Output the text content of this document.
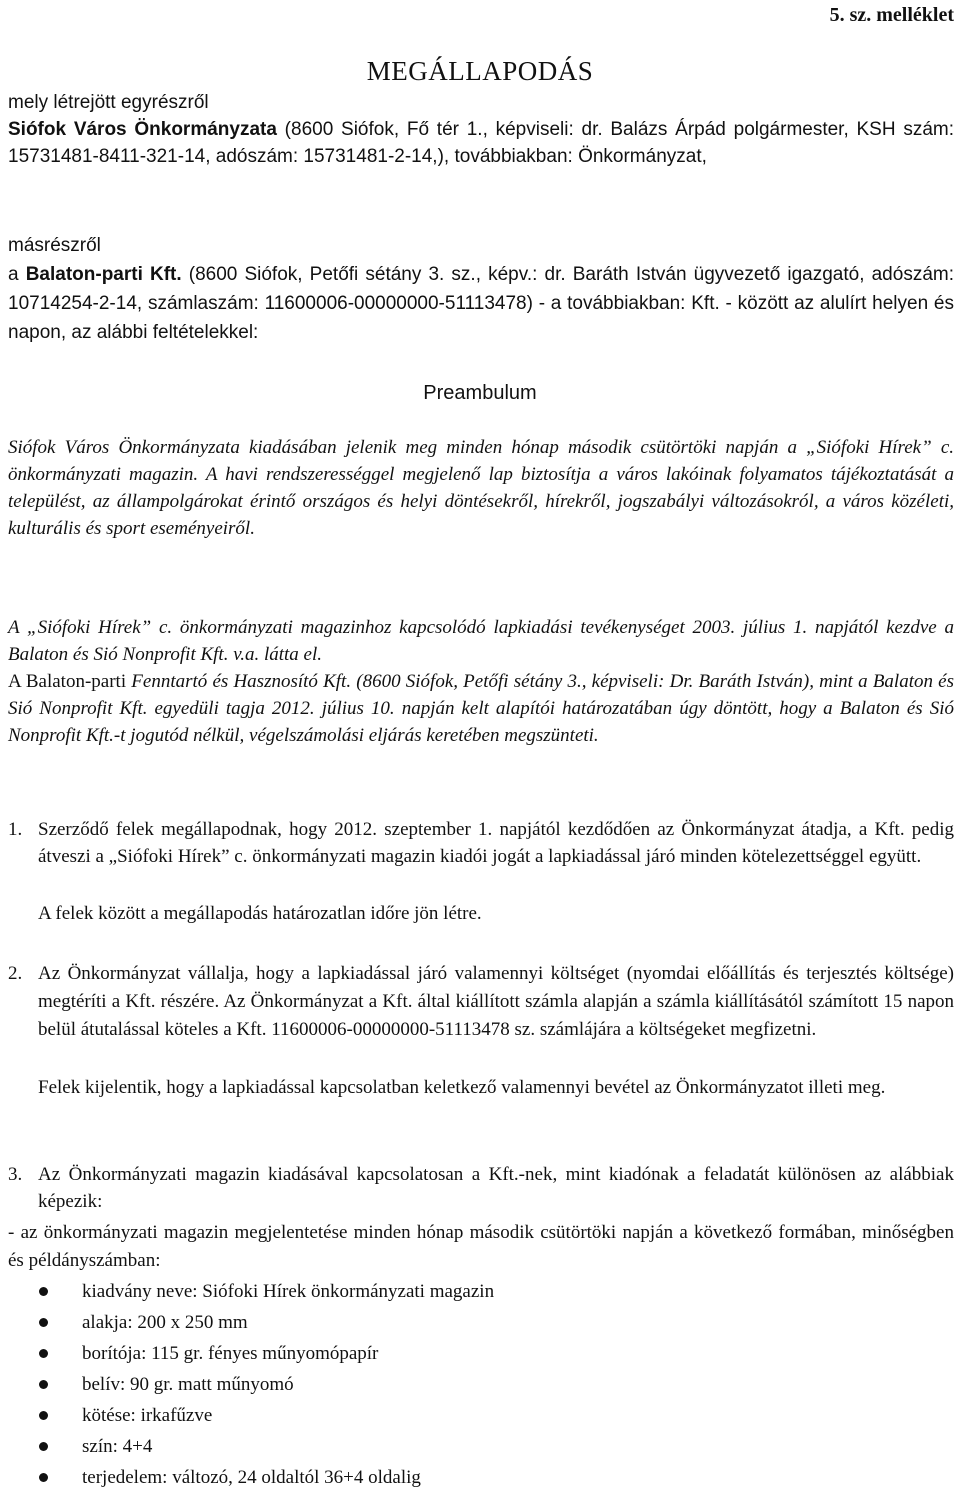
5. sz. melléklet
MEGÁLLAPODÁS
mely létrejött egyrészről
Siófok Város Önkormányzata (8600 Siófok, Fő tér 1., képviseli: dr. Balázs Árpád polgármester, KSH szám: 15731481-8411-321-14, adószám: 15731481-2-14,), továbbiakban: Önkormányzat,
másrészről
a Balaton-parti Kft. (8600 Siófok, Petőfi sétány 3. sz., képv.: dr. Baráth István ügyvezető igazgató, adószám: 10714254-2-14, számlaszám: 11600006-00000000-51113478) - a továbbiakban: Kft. - között az alulírt helyen és napon, az alábbi feltételekkel:
Preambulum
Siófok Város Önkormányzata kiadásában jelenik meg minden hónap második csütörtöki napján a „Siófoki Hírek” c. önkormányzati magazin. A havi rendszerességgel megjelenő lap biztosítja a város lakóinak folyamatos tájékoztatását a települést, az állampolgárokat érintő országos és helyi döntésekről, hírekről, jogszabályi változásokról, a város közéleti, kulturális és sport eseményeiről.
A „Siófoki Hírek” c. önkormányzati magazinhoz kapcsolódó lapkiadási tevékenységet 2003. július 1. napjától kezdve a Balaton és Sió Nonprofit Kft. v.a. látta el.
A Balaton-parti Fenntartó és Hasznosító Kft. (8600 Siófok, Petőfi sétány 3., képviseli: Dr. Baráth István), mint a Balaton és Sió Nonprofit Kft. egyedüli tagja 2012. július 10. napján kelt alapítói határozatában úgy döntött, hogy a Balaton és Sió Nonprofit Kft.-t jogutód nélkül, végelszámolási eljárás keretében megszünteti.
1. Szerződő felek megállapodnak, hogy 2012. szeptember 1. napjától kezdődően az Önkormányzat átadja, a Kft. pedig átveszi a „Siófoki Hírek” c. önkormányzati magazin kiadói jogát a lapkiadással járó minden kötelezettséggel együtt.
A felek között a megállapodás határozatlan időre jön létre.
2. Az Önkormányzat vállalja, hogy a lapkiadással járó valamennyi költséget (nyomdai előállítás és terjesztés költsége) megtéríti a Kft. részére. Az Önkormányzat a Kft. által kiállított számla alapján a számla kiállításától számított 15 napon belül átutalással köteles a Kft. 11600006-00000000-51113478 sz. számlájára a költségeket megfizetni.
Felek kijelentik, hogy a lapkiadással kapcsolatban keletkező valamennyi bevétel az Önkormányzatot illeti meg.
3. Az Önkormányzati magazin kiadásával kapcsolatosan a Kft.-nek, mint kiadónak a feladatát különösen az alábbiak képezik:
- az önkormányzati magazin megjelentetése minden hónap második csütörtöki napján a következő formában, minőségben és példányszámban:
kiadvány neve: Siófoki Hírek önkormányzati magazin
alakja: 200 x 250 mm
borítója: 115 gr. fényes műnyomópapír
belív: 90 gr. matt műnyomó
kötése: irkafűzve
szín: 4+4
terjedelem: változó, 24 oldaltól 36+4 oldalig
